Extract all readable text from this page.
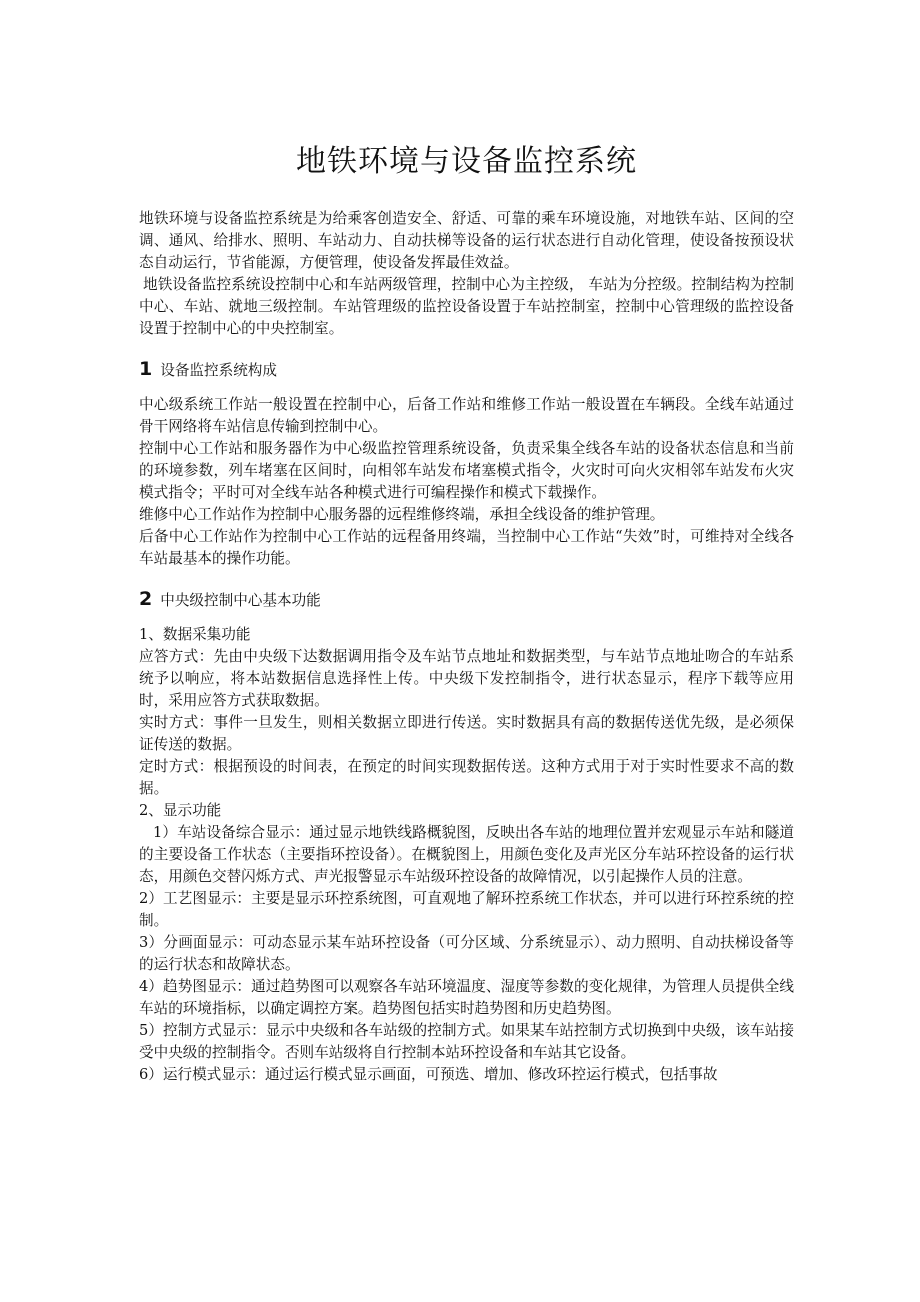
地铁环境与设备监控系统

地铁环境与设备监控系统是为给乘客创造安全、舒适、可靠的乘车环境设施，对地铁车站、区间的空调、通风、给排水、照明、车站动力、自动扶梯等设备的运行状态进行自动化管理，使设备按预设状态自动运行，节省能源，方便管理，使设备发挥最佳效益。

地铁设备监控系统设控制中心和车站两级管理，控制中心为主控级， 车站为分控级。控制结构为控制中心、车站、就地三级控制。车站管理级的监控设备设置于车站控制室，控制中心管理级的监控设备设置于控制中心的中央控制室。

1 设备监控系统构成

中心级系统工作站一般设置在控制中心，后备工作站和维修工作站一般设置在车辆段。全线车站通过骨干网络将车站信息传输到控制中心。

控制中心工作站和服务器作为中心级监控管理系统设备，负责采集全线各车站的设备状态信息和当前的环境参数，列车堵塞在区间时，向相邻车站发布堵塞模式指令，火灾时可向火灾相邻车站发布火灾模式指令；平时可对全线车站各种模式进行可编程操作和模式下载操作。

维修中心工作站作为控制中心服务器的远程维修终端，承担全线设备的维护管理。

后备中心工作站作为控制中心工作站的远程备用终端，当控制中心工作站“失效”时，可维持对全线各车站最基本的操作功能。

2 中央级控制中心基本功能

1、数据采集功能

应答方式：先由中央级下达数据调用指令及车站节点地址和数据类型，与车站节点地址吻合的车站系统予以响应，将本站数据信息选择性上传。中央级下发控制指令，进行状态显示，程序下载等应用时，采用应答方式获取数据。

实时方式：事件一旦发生，则相关数据立即进行传送。实时数据具有高的数据传送优先级，是必须保证传送的数据。

定时方式：根据预设的时间表，在预定的时间实现数据传送。这种方式用于对于实时性要求不高的数据。

2、显示功能

1）车站设备综合显示：通过显示地铁线路概貌图，反映出各车站的地理位置并宏观显示车站和隧道的主要设备工作状态（主要指环控设备）。在概貌图上，用颜色变化及声光区分车站环控设备的运行状态，用颜色交替闪烁方式、声光报警显示车站级环控设备的故障情况，以引起操作人员的注意。

2）工艺图显示：主要是显示环控系统图，可直观地了解环控系统工作状态，并可以进行环控系统的控制。

3）分画面显示：可动态显示某车站环控设备（可分区域、分系统显示）、动力照明、自动扶梯设备等的运行状态和故障状态。

4）趋势图显示：通过趋势图可以观察各车站环境温度、湿度等参数的变化规律，为管理人员提供全线车站的环境指标，以确定调控方案。趋势图包括实时趋势图和历史趋势图。

5）控制方式显示：显示中央级和各车站级的控制方式。如果某车站控制方式切换到中央级，该车站接受中央级的控制指令。否则车站级将自行控制本站环控设备和车站其它设备。

6）运行模式显示：通过运行模式显示画面，可预选、增加、修改环控运行模式，包括事故
